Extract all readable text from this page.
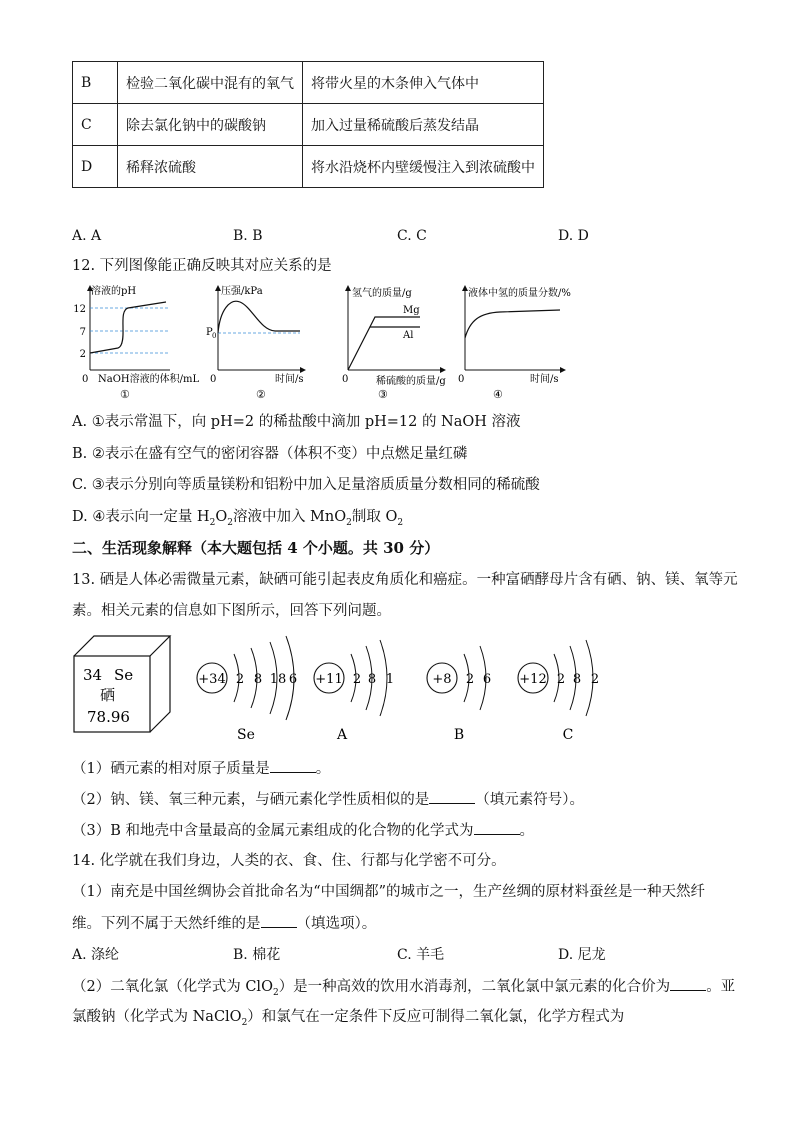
B	检验二氧化碳中混有的氧气	将带火星的木条伸入气体中
C	除去氯化钠中的碳酸钠	加入过量稀硫酸后蒸发结晶
D	稀释浓硫酸	将水沿烧杯内壁缓慢注入到浓硫酸中
A. A	B. B	C. C	D. D
12. 下列图像能正确反映其对应关系的是
溶液的pH
12
7
2
0 NaOH溶液的体积/mL
①
压强/kPa
P 0
0	时间/s
②
氢气的质量/g
Mg
Al
0	稀硫酸的质量/g
③
液体中氢的质量分数/%
0	时间/s
④
A. ①表示常温下，向 pH=2 的稀盐酸中滴加 pH=12 的 NaOH 溶液
B. ②表示在盛有空气的密闭容器（体积不变）中点燃足量红磷
C. ③表示分别向等质量镁粉和铝粉中加入足量溶质质量分数相同的稀硫酸
D. ④表示向一定量 $H_2O_2$溶液中加入 MnO$_2$制取 $O_2$
二、生活现象解释（本大题包括 4 个小题。共 30 分）
13. 硒是人体必需微量元素，缺硒可能引起表皮角质化和癌症。一种富硒酵母片含有硒、钠、镁、氧等元
素。相关元素的信息如下图所示，回答下列问题。
34 Se
硒
78.96
+34 2 8 18 6
Se
+11 2 8 1
A
+8 2 6
B
+12 2 8 2
C
（1）硒元素的相对原子质量是	。
（2）钠、镁、氧三种元素，与硒元素化学性质相似的是	（填元素符号）。
（3）B 和地壳中含量最高的金属元素组成的化合物的化学式为	。
14. 化学就在我们身边，人类的衣、食、住、行都与化学密不可分。
（1）南充是中国丝绸协会首批命名为“中国绸都”的城市之一，生产丝绸的原材料蚕丝是一种天然纤
维。下列不属于天然纤维的是 （填选项）。
A. 涤纶	B. 棉花	C. 羊毛	D. 尼龙
（2）二氧化氯（化学式为 ClO$_2$）是一种高效的饮用水消毒剂，二氧化氯中氯元素的化合价为 。亚
氯酸钠（化学式为 NaClO$_2$）和氯气在一定条件下反应可制得二氧化氯，化学方程式为
